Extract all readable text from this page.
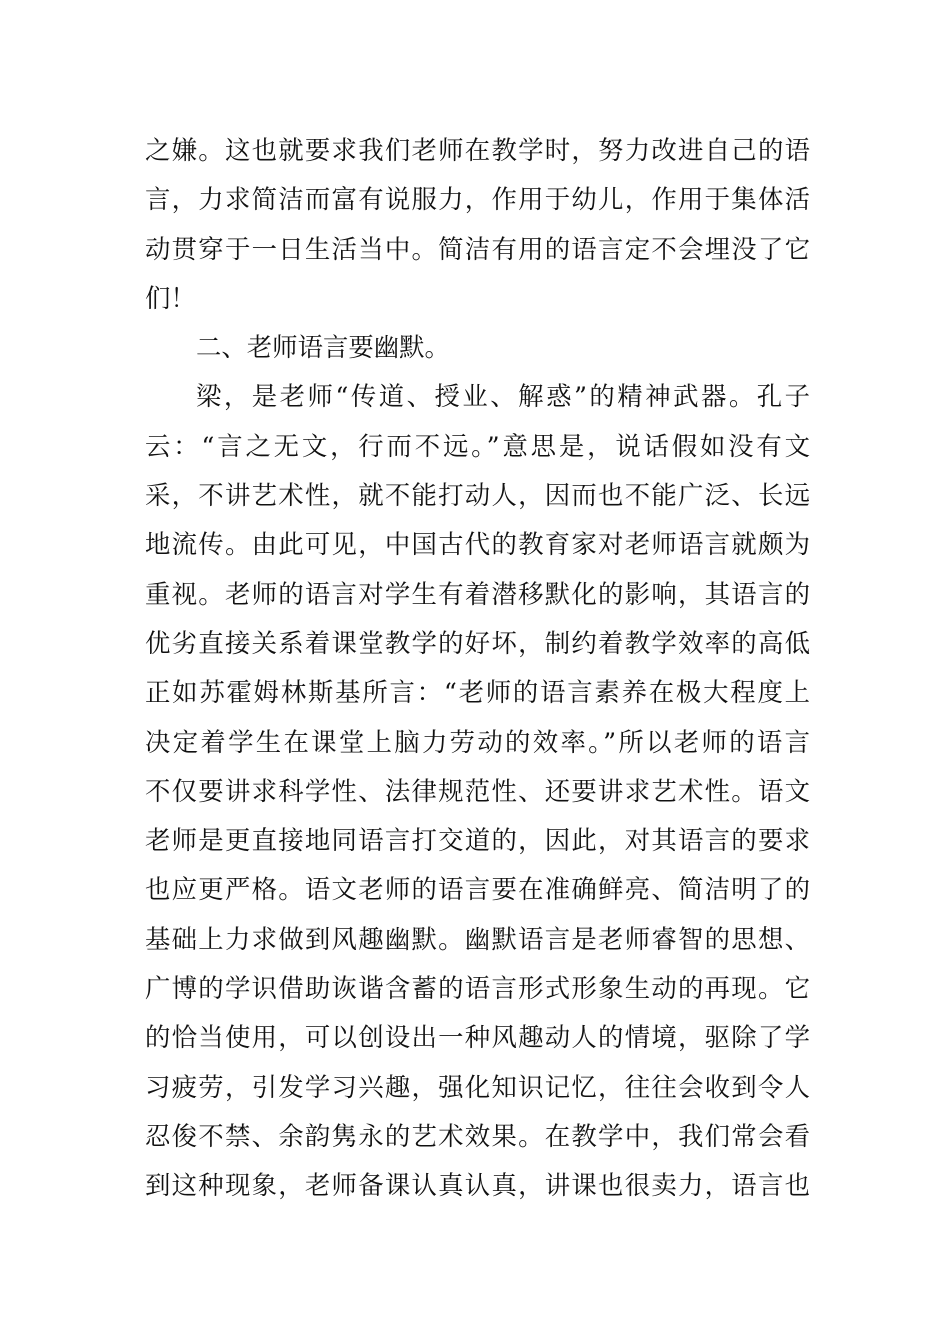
之嫌。这也就要求我们老师在教学时，努力改进自己的语
言，力求简洁而富有说服力，作用于幼儿，作用于集体活
动贯穿于一日生活当中。简洁有用的语言定不会埋没了它
们！
二、老师语言要幽默。
梁，是老师“传道、授业、解惑”的精神武器。孔子
云：“言之无文，行而不远。”意思是，说话假如没有文
采，不讲艺术性，就不能打动人，因而也不能广泛、长远
地流传。由此可见，中国古代的教育家对老师语言就颇为
重视。老师的语言对学生有着潜移默化的影响，其语言的
优劣直接关系着课堂教学的好坏，制约着教学效率的高低
正如苏霍姆林斯基所言：“老师的语言素养在极大程度上
决定着学生在课堂上脑力劳动的效率。”所以老师的语言
不仅要讲求科学性、法律规范性、还要讲求艺术性。语文
老师是更直接地同语言打交道的，因此，对其语言的要求
也应更严格。语文老师的语言要在准确鲜亮、简洁明了的
基础上力求做到风趣幽默。幽默语言是老师睿智的思想、
广博的学识借助诙谐含蓄的语言形式形象生动的再现。它
的恰当使用，可以创设出一种风趣动人的情境，驱除了学
习疲劳，引发学习兴趣，强化知识记忆，往往会收到令人
忍俊不禁、余韵隽永的艺术效果。在教学中，我们常会看
到这种现象，老师备课认真认真，讲课也很卖力，语言也
